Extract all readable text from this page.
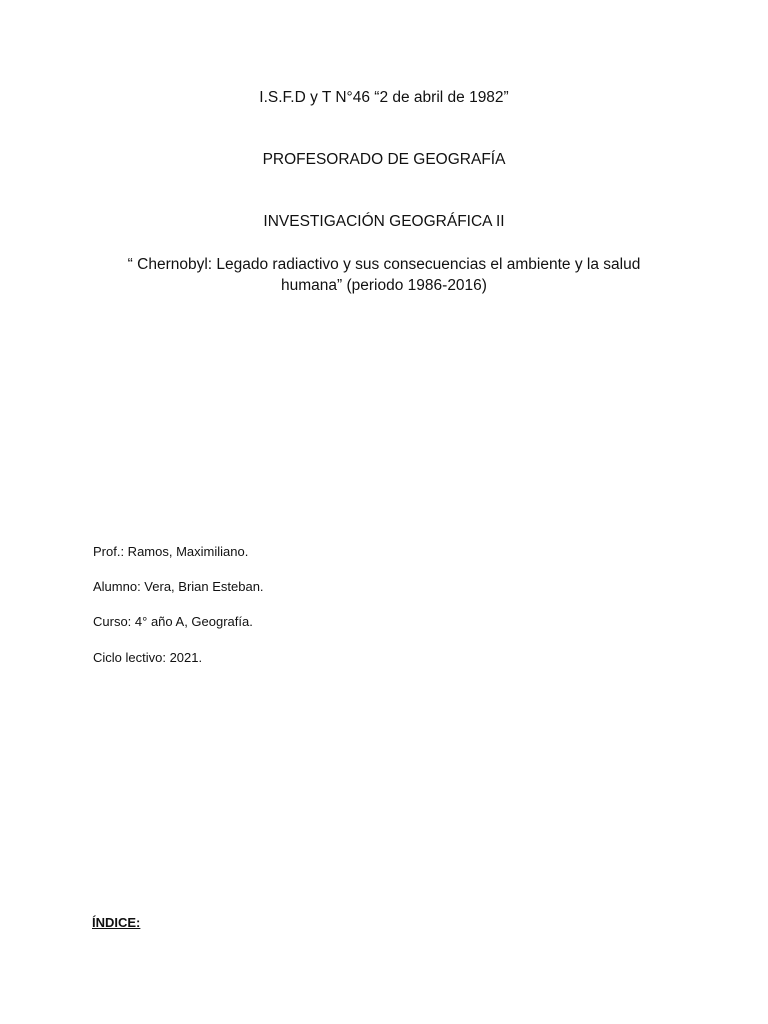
I.S.F.D y T N°46 “2 de abril de 1982”
PROFESORADO DE GEOGRAFÍA
INVESTIGACIÓN GEOGRÁFICA II
“ Chernobyl: Legado radiactivo y sus consecuencias el ambiente y la salud
humana” (periodo 1986-2016)
Prof.: Ramos, Maximiliano.
Alumno: Vera, Brian Esteban.
Curso: 4° año A, Geografía.
Ciclo lectivo: 2021.
ÍNDICE:
